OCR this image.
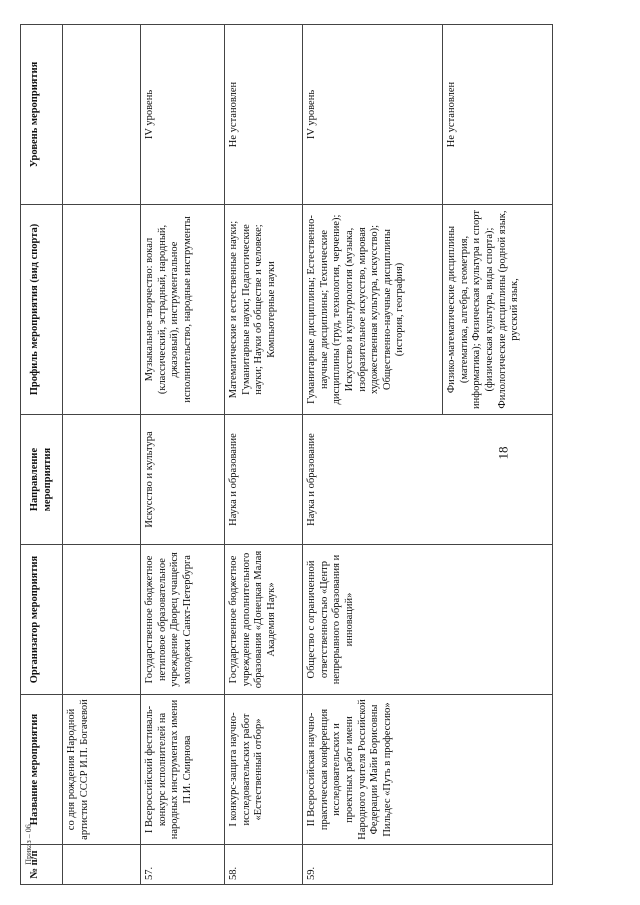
18
Приказ – 06
№ п/п	Название мероприятия	Организатор мероприятия	Направление мероприятия	Профиль мероприятия (вид спорта)	Уровень мероприятия
	со дня рождения Народной артистки СССР И.П. Богачевой				
57.	I Всероссийский фестиваль-конкурс исполнителей на народных инструментах имени П.И. Смирнова	Государственное бюджетное нетиповое образовательное учреждение Дворец учащейся молодежи Санкт-Петербурга	Искусство и культура	Музыкальное творчество: вокал (классический, эстрадный, народный, джазовый), инструментальное исполнительство, народные инструменты	IV уровень
58.	I конкурс-защита научно-исследовательских работ «Естественный отбор»	Государственное бюджетное учреждение дополнительного образования «Донецкая Малая Академия Наук»	Наука и образование	Математические и естественные науки; Гуманитарные науки; Педагогические науки; Науки об обществе и человеке; Компьютерные науки	Не установлен
59.	II Всероссийская научно-практическая конференция исследовательских и проектных работ имени Народного учителя Российской Федерации Майи Борисовны Пильдес «Путь в профессию»	Общество с ограниченной ответственностью «Центр непрерывного образования и инноваций»	Наука и образование	Гуманитарные дисциплины; Естественно-научные дисциплины; Технические дисциплины (труд, технология, черчение); Искусство и культурология (музыка, изобразительное искусство, мировая художественная культура, искусство); Общественно-научные дисциплины (история, география)	IV уровень
				Физико-математические дисциплины (математика, алгебра, геометрия, информатика); Физическая культура и спорт (физическая культура, виды спорта); Филологические дисциплины (родной язык, русский язык,	Не установлен
